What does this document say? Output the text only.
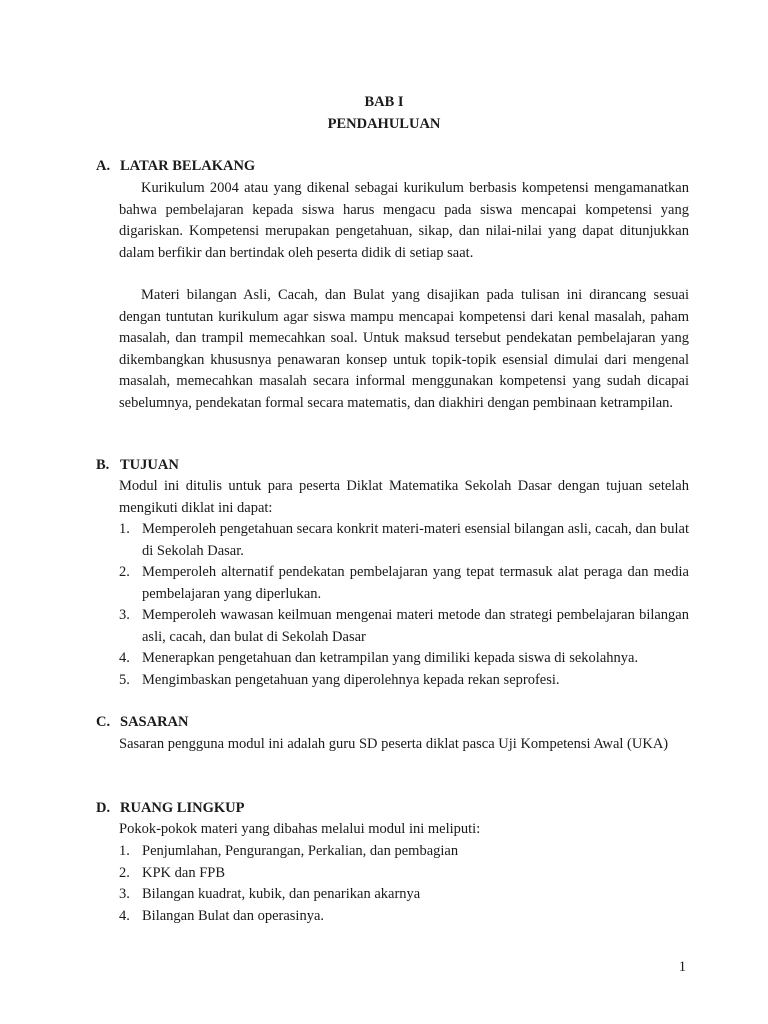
BAB I
PENDAHULUAN
A. LATAR BELAKANG

Kurikulum 2004 atau yang dikenal sebagai kurikulum berbasis kompetensi mengamanatkan bahwa pembelajaran kepada siswa harus mengacu pada siswa mencapai kompetensi yang digariskan. Kompetensi merupakan pengetahuan, sikap, dan nilai-nilai yang dapat ditunjukkan dalam berfikir dan bertindak oleh peserta didik di setiap saat.

Materi bilangan Asli, Cacah, dan Bulat yang disajikan pada tulisan ini dirancang sesuai dengan tuntutan kurikulum agar siswa mampu mencapai kompetensi dari kenal masalah, paham masalah, dan trampil memecahkan soal. Untuk maksud tersebut pendekatan pembelajaran yang dikembangkan khususnya penawaran konsep untuk topik-topik esensial dimulai dari mengenal masalah, memecahkan masalah secara informal menggunakan kompetensi yang sudah dicapai sebelumnya, pendekatan formal secara matematis, dan diakhiri dengan pembinaan ketrampilan.

B. TUJUAN

Modul ini ditulis untuk para peserta Diklat Matematika Sekolah Dasar dengan tujuan setelah mengikuti diklat ini dapat:

1. Memperoleh pengetahuan secara konkrit materi-materi esensial bilangan asli, cacah, dan bulat di Sekolah Dasar.
2. Memperoleh alternatif pendekatan pembelajaran yang tepat termasuk alat peraga dan media pembelajaran yang diperlukan.
3. Memperoleh wawasan keilmuan mengenai materi metode dan strategi pembelajaran bilangan asli, cacah, dan bulat di Sekolah Dasar
4. Menerapkan pengetahuan dan ketrampilan yang dimiliki kepada siswa di sekolahnya.
5. Mengimbaskan pengetahuan yang diperolehnya kepada rekan seprofesi.
C. SASARAN

Sasaran pengguna modul ini adalah guru SD peserta diklat pasca Uji Kompetensi Awal (UKA)

D. RUANG LINGKUP

Pokok-pokok materi yang dibahas melalui modul ini meliputi:

1. Penjumlahan, Pengurangan, Perkalian, dan pembagian
2. KPK dan FPB
3. Bilangan kuadrat, kubik, dan penarikan akarnya
4. Bilangan Bulat dan operasinya.
1
